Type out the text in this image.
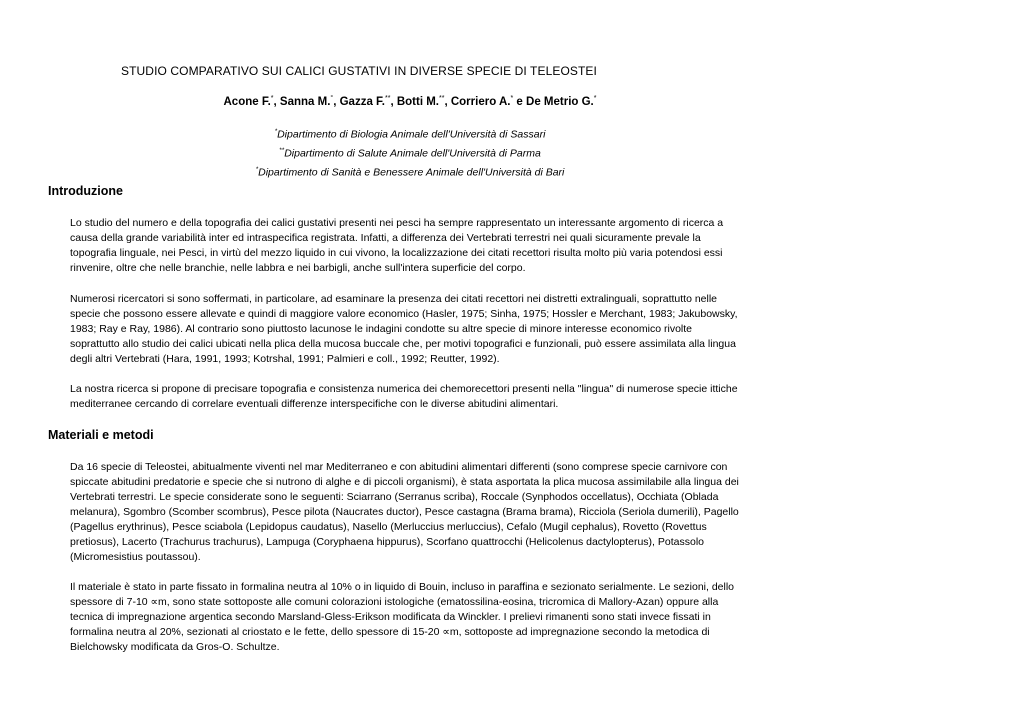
STUDIO COMPARATIVO SUI CALICI GUSTATIVI IN DIVERSE SPECIE DI TELEOSTEI
Acone F.*, Sanna M.°, Gazza F.**, Botti M.**, Corriero A.* e De Metrio G.*
*Dipartimento di Biologia Animale dell'Università di Sassari
**Dipartimento di Salute Animale dell'Università di Parma
*Dipartimento di Sanità e Benessere Animale dell'Università di Bari
Introduzione
Lo studio del numero e della topografia dei calici gustativi presenti nei pesci ha sempre rappresentato un interessante argomento di ricerca a
causa della grande variabilità inter ed intraspecifica registrata. Infatti, a differenza dei Vertebrati terrestri nei quali sicuramente prevale la
topografia linguale, nei Pesci, in virtù del mezzo liquido in cui vivono, la localizzazione dei citati recettori risulta molto più varia potendosi essi
rinvenire, oltre che nelle branchie, nelle labbra e nei barbigli, anche sull'intera superficie del corpo.
Numerosi ricercatori si sono soffermati, in particolare, ad esaminare la presenza dei citati recettori nei distretti extralinguali, soprattutto nelle
specie che possono essere allevate e quindi di maggiore valore economico (Hasler, 1975; Sinha, 1975; Hossler e Merchant, 1983; Jakubowsky,
1983; Ray e Ray, 1986). Al contrario sono piuttosto lacunose le indagini condotte su altre specie di minore interesse economico rivolte
soprattutto allo studio dei calici ubicati nella plica della mucosa buccale che, per motivi topografici e funzionali, può essere assimilata alla lingua
degli altri Vertebrati (Hara, 1991, 1993; Kotrshal, 1991; Palmieri e coll., 1992; Reutter, 1992).
La nostra ricerca si propone di precisare topografia e consistenza numerica dei chemorecettori presenti nella "lingua" di numerose specie ittiche
mediterranee cercando di correlare eventuali differenze interspecifiche con le diverse abitudini alimentari.
Materiali e metodi
Da 16 specie di Teleostei, abitualmente viventi nel mar Mediterraneo e con abitudini alimentari differenti (sono comprese specie carnivore con
spiccate abitudini predatorie e specie che si nutrono di alghe e di piccoli organismi), è stata asportata la plica mucosa assimilabile alla lingua dei
Vertebrati terrestri. Le specie considerate sono le seguenti: Sciarrano (Serranus scriba), Roccale (Synphodos occellatus), Occhiata (Oblada
melanura), Sgombro (Scomber scombrus), Pesce pilota (Naucrates ductor), Pesce castagna (Brama brama), Ricciola (Seriola dumerili), Pagello
(Pagellus erythrinus), Pesce sciabola (Lepidopus caudatus), Nasello (Merluccius merluccius), Cefalo (Mugil cephalus), Rovetto (Rovettus
pretiosus), Lacerto (Trachurus trachurus), Lampuga (Coryphaena hippurus), Scorfano quattrocchi (Helicolenus dactylopterus), Potassolo
(Micromesistius poutassou).
Il materiale è stato in parte fissato in formalina neutra al 10% o in liquido di Bouin, incluso in paraffina e sezionato serialmente. Le sezioni, dello
spessore di 7-10 ∝m, sono state sottoposte alle comuni colorazioni istologiche (ematossilina-eosina, tricromica di Mallory-Azan) oppure alla
tecnica di impregnazione argentica secondo Marsland-Gless-Erikson modificata da Winckler. I prelievi rimanenti sono stati invece fissati in
formalina neutra al 20%, sezionati al criostato e le fette, dello spessore di 15-20 ∝m, sottoposte ad impregnazione secondo la metodica di
Bielchowsky modificata da Gros-O. Schultze.
